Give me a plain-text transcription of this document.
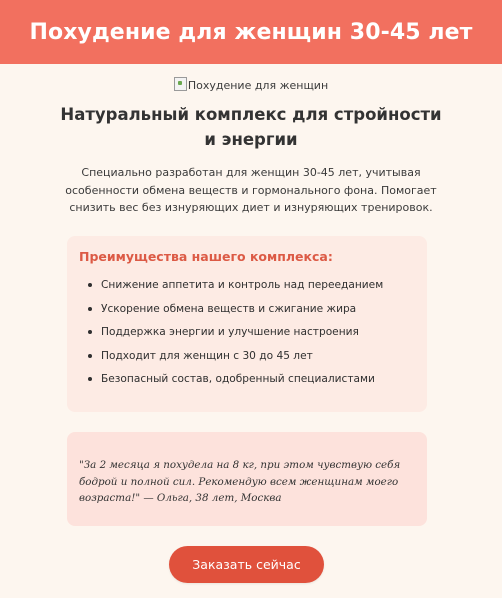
Похудение для женщин 30-45 лет
Похудение для женщин
Натуральный комплекс для стройности и энергии

Специально разработан для женщин 30-45 лет, учитывая особенности обмена веществ и гормонального фона. Помогает снизить вес без изнуряющих диет и изнуряющих тренировок.

Преимущества нашего комплекса:
Снижение аппетита и контроль над перееданием
Ускорение обмена веществ и сжигание жира
Поддержка энергии и улучшение настроения
Подходит для женщин с 30 до 45 лет
Безопасный состав, одобренный специалистами

"За 2 месяца я похудела на 8 кг, при этом чувствую себя бодрой и полной сил. Рекомендую всем женщинам моего возраста!" — Ольга, 38 лет, Москва

Заказать сейчас
